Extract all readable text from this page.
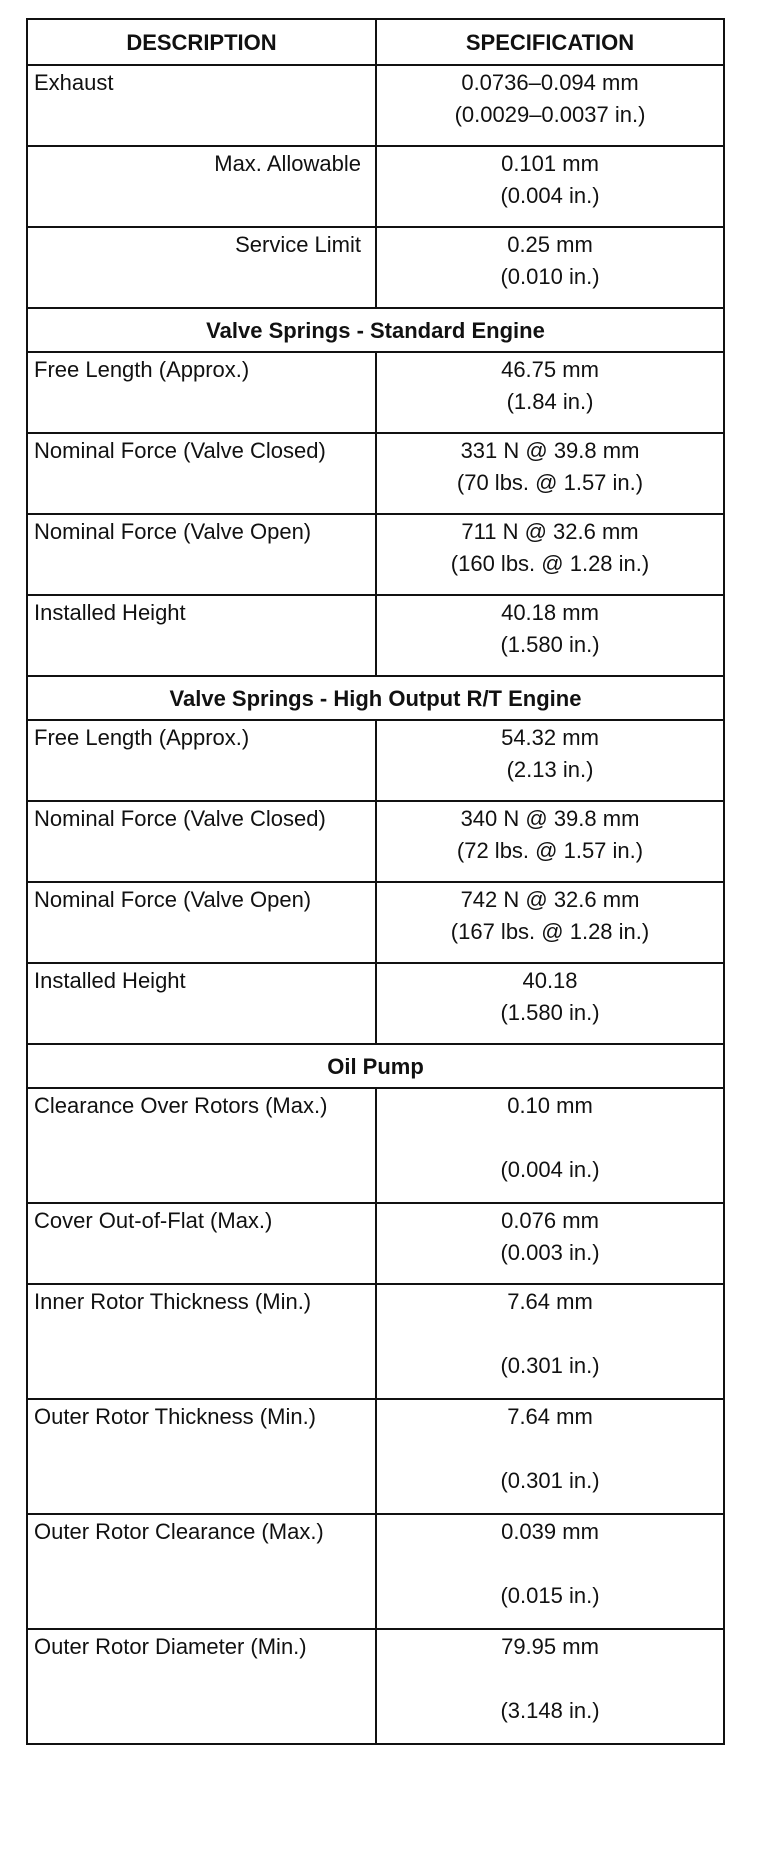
DESCRIPTION	SPECIFICATION
Exhaust	0.0736–0.094 mm
(0.0029–0.0037 in.)

Max. Allowable	0.101 mm
(0.004 in.)

Service Limit	0.25 mm
(0.010 in.)

Valve Springs - Standard Engine	
Free Length (Approx.)	46.75 mm
(1.84 in.)

Nominal Force (Valve Closed)	331 N @ 39.8 mm
(70 lbs. @ 1.57 in.)

Nominal Force (Valve Open)	711 N @ 32.6 mm
(160 lbs. @ 1.28 in.)

Installed Height	40.18 mm
(1.580 in.)

Valve Springs - High Output R/T Engine	
Free Length (Approx.)	54.32 mm
(2.13 in.)

Nominal Force (Valve Closed)	340 N @ 39.8 mm
(72 lbs. @ 1.57 in.)

Nominal Force (Valve Open)	742 N @ 32.6 mm
(167 lbs. @ 1.28 in.)

Installed Height	40.18
(1.580 in.)

Oil Pump	
Clearance Over Rotors (Max.)	0.10 mm
(0.004 in.)

Cover Out-of-Flat (Max.)	0.076 mm
(0.003 in.)

Inner Rotor Thickness (Min.)	7.64 mm
(0.301 in.)

Outer Rotor Thickness (Min.)	7.64 mm
(0.301 in.)

Outer Rotor Clearance (Max.)	0.039 mm
(0.015 in.)

Outer Rotor Diameter (Min.)	79.95 mm
(3.148 in.)
